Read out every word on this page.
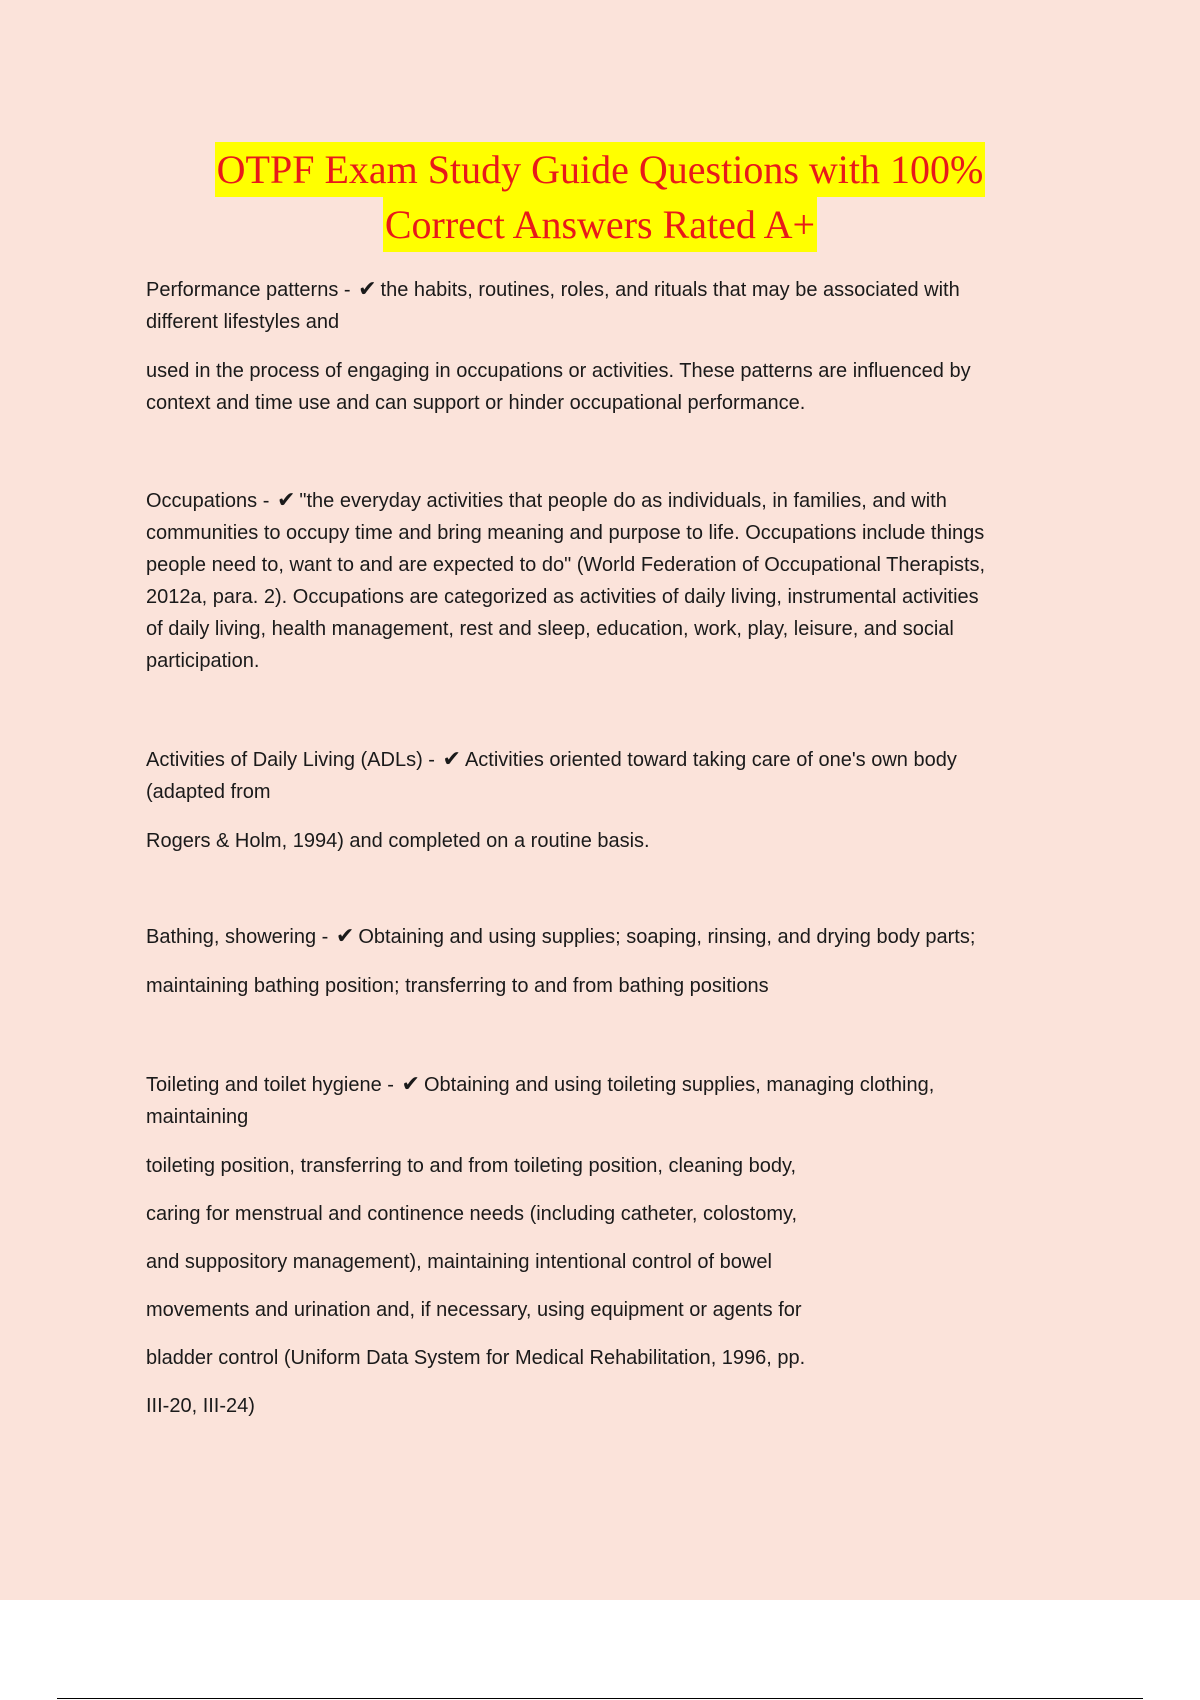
OTPF Exam Study Guide Questions with 100%
Correct Answers Rated A+

Performance patterns - ✔ the habits, routines, roles, and rituals that may be associated with

different lifestyles and

used in the process of engaging in occupations or activities. These patterns are influenced by

context and time use and can support or hinder occupational performance.

Occupations - ✔ "the everyday activities that people do as individuals, in families, and with

communities to occupy time and bring meaning and purpose to life. Occupations include things

people need to, want to and are expected to do" (World Federation of Occupational Therapists,

2012a, para. 2). Occupations are categorized as activities of daily living, instrumental activities

of daily living, health management, rest and sleep, education, work, play, leisure, and social

participation.

Activities of Daily Living (ADLs) - ✔ Activities oriented toward taking care of one's own body

(adapted from

Rogers & Holm, 1994) and completed on a routine basis.

Bathing, showering - ✔ Obtaining and using supplies; soaping, rinsing, and drying body parts;

maintaining bathing position; transferring to and from bathing positions

Toileting and toilet hygiene - ✔ Obtaining and using toileting supplies, managing clothing,

maintaining

toileting position, transferring to and from toileting position, cleaning body,

caring for menstrual and continence needs (including catheter, colostomy,

and suppository management), maintaining intentional control of bowel

movements and urination and, if necessary, using equipment or agents for

bladder control (Uniform Data System for Medical Rehabilitation, 1996, pp.

III-20, III-24)
